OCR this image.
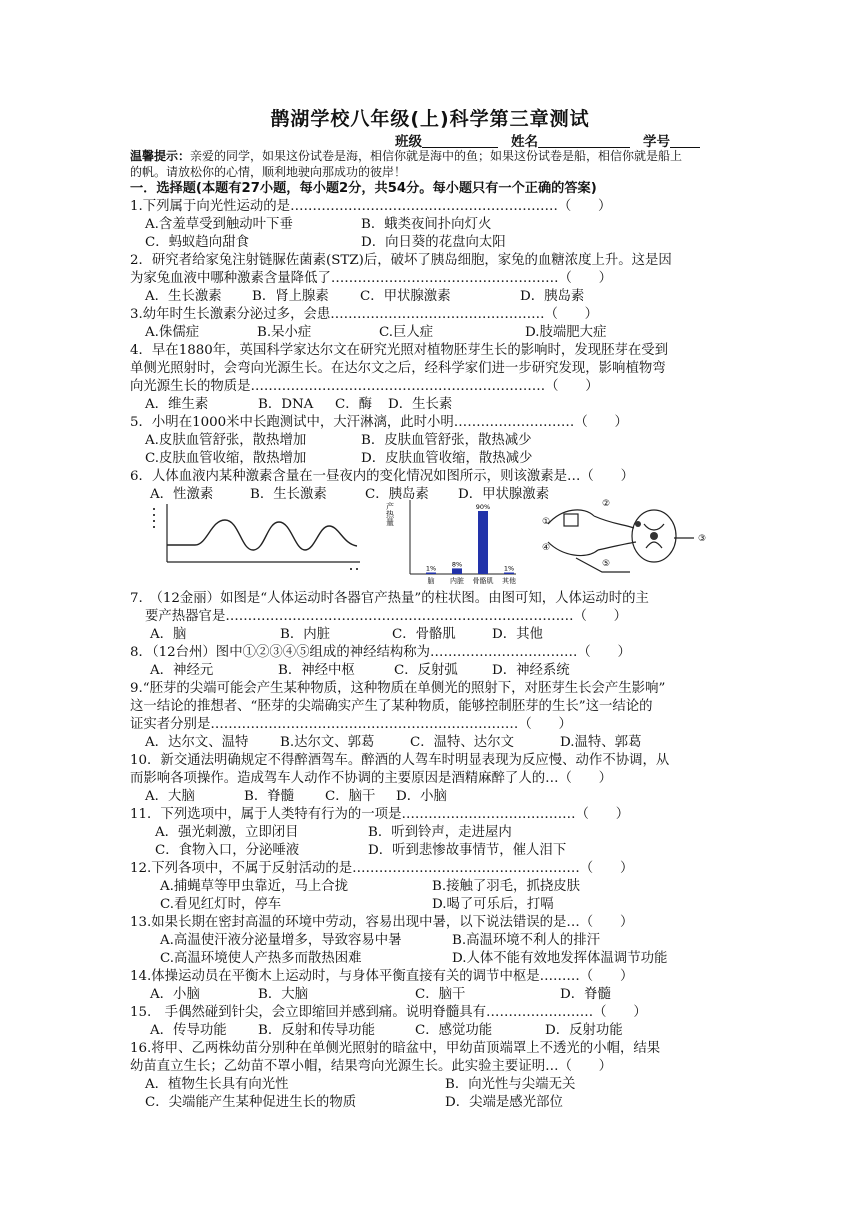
鹊湖学校八年级(上)科学第三章测试
班级	姓名	学号
温馨提示：亲爱的同学，如果这份试卷是海，相信你就是海中的鱼；如果这份试卷是船，相信你就是船上
的帆。请放松你的心情，顺利地驶向那成功的彼岸！
一．选择题(本题有27小题，每小题2分，共54分。每小题只有一个正确的答案)
1.下列属于向光性运动的是……………………………………………………（　　）
A.含羞草受到触动叶下垂	B．蛾类夜间扑向灯火
C．蚂蚁趋向甜食	D．向日葵的花盘向太阳
2．研究者给家兔注射链脲佐菌素(STZ)后，破坏了胰岛细胞，家兔的血糖浓度上升。这是因
为家兔血液中哪种激素含量降低了……………………………………………（　　）
A．生长激素 B．肾上腺素 C．甲状腺激素	D．胰岛素
3.幼年时生长激素分泌过多，会患…………………………………………（　　）
A.侏儒症	B.呆小症	C.巨人症	D.肢端肥大症
4．早在1880年，英国科学家达尔文在研究光照对植物胚芽生长的影响时，发现胚芽在受到
单侧光照射时，会弯向光源生长。在达尔文之后，经科学家们进一步研究发现，影响植物弯
向光源生长的物质是…………………………………………………………（　　）
A．维生素	B．DNA C．酶 D．生长素
5．小明在1000米中长跑测试中，大汗淋漓，此时小明………………………（　　）
A.皮肤血管舒张，散热增加	B．皮肤血管舒张，散热减少
C.皮肤血管收缩，散热增加	D．皮肤血管收缩，散热减少
6．人体血液内某种激素含量在一昼夜内的变化情况如图所示，则该激素是…（　　）
A．性激素	B．生长激素	C．胰岛素 D．甲状腺激素
产热量
1%
脑
8%
内脏
90%
骨骼肌
1%
其他
①
②
③
④
⑤
7.　（12金丽）如图是“人体运动时各器官产热量”的柱状图。由图可知，人体运动时的主
要产热器官是……………………………………………………………………（　　）
A．脑	B．内脏	C．骨骼肌	D．其他
8．（12台州）图中①②③④⑤组成的神经结构称为……………………………（　　）
A．神经元	B．神经中枢	C．反射弧	D．神经系统
9.“胚芽的尖端可能会产生某种物质，这种物质在单侧光的照射下，对胚芽生长会产生影响”
这一结论的推想者、“胚芽的尖端确实产生了某种物质，能够控制胚芽的生长”这一结论的
证实者分别是……………………………………………………………（　　）
A．达尔文、温特 B.达尔文、郭葛	C．温特、达尔文	D.温特、郭葛
10．新交通法明确规定不得醉酒驾车。醉酒的人驾车时明显表现为反应慢、动作不协调，从
而影响各项操作。造成驾车人动作不协调的主要原因是酒精麻醉了人的…（　　）
A．大脑	B．脊髓 C．脑干 D．小脑
11．下列选项中，属于人类特有行为的一项是…………………………………（　　）
A．强光刺激，立即闭目	B．听到铃声，走进屋内
C．食物入口，分泌唾液	D．听到悲惨故事情节，催人泪下
12.下列各项中，不属于反射活动的是……………………………………………（　　）
A.捕蝇草等甲虫靠近，马上合拢	B.接触了羽毛，抓挠皮肤
C.看见红灯时，停车	D.喝了可乐后，打嗝
13.如果长期在密封高温的环境中劳动，容易出现中暑，以下说法错误的是…（　　）
A.高温使汗液分泌量增多，导致容易中暑	B.高温环境不利人的排汗
C.高温环境使人产热多而散热困难	D.人体不能有效地发挥体温调节功能
14.体操运动员在平衡木上运动时，与身体平衡直接有关的调节中枢是………（　　）
A．小脑	B．大脑	C．脑干	D．脊髓
15.　手偶然碰到针尖，会立即缩回并感到痛。说明脊髓具有……………………（　　）
A．传导功能 B．反射和传导功能	C．感觉功能	D．反射功能
16.将甲、乙两株幼苗分别种在单侧光照射的暗盆中，甲幼苗顶端罩上不透光的小帽，结果
幼苗直立生长；乙幼苗不罩小帽，结果弯向光源生长。此实验主要证明…（　　）
A．植物生长具有向光性	B．向光性与尖端无关
C．尖端能产生某种促进生长的物质	D．尖端是感光部位
